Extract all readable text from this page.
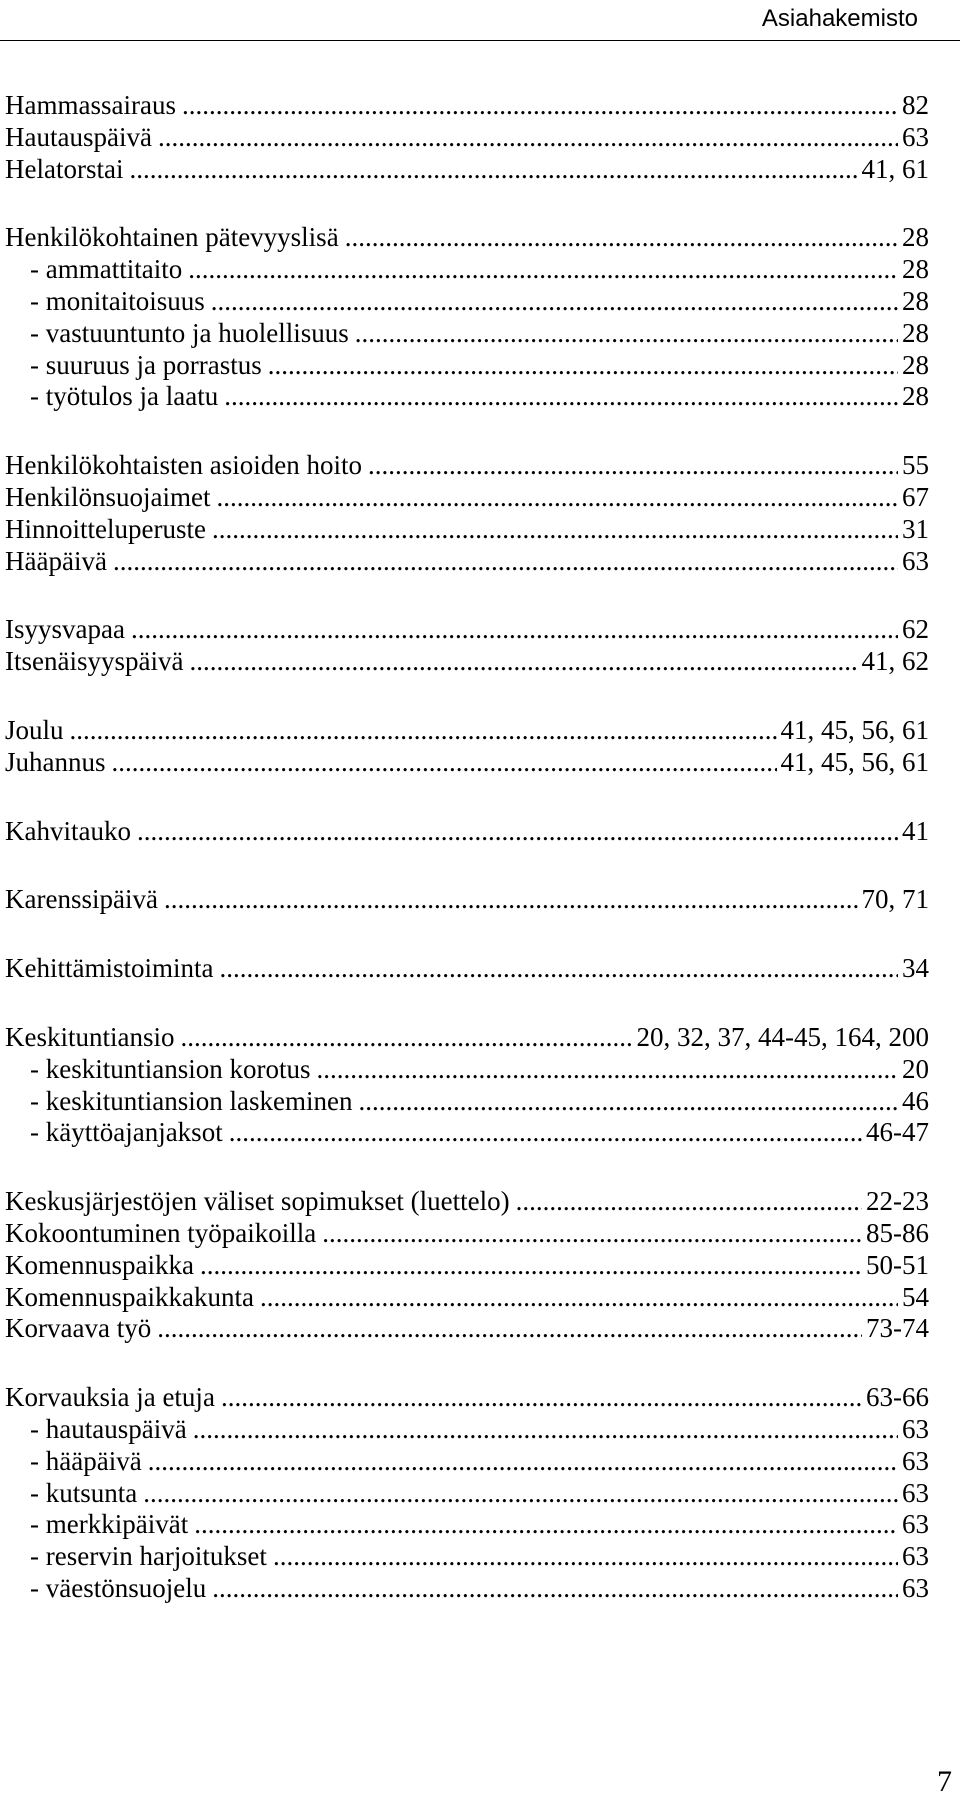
Asiahakemisto
Hammassairaus .....	82
Hautauspäivä .....	63
Helatorstai .....	41, 61
Henkilökohtainen pätevyyslisä .....	28
- ammattitaito .....	28
- monitaitoisuus .....	28
- vastuuntunto ja huolellisuus .....	28
- suuruus ja porrastus .....	28
- työtulos ja laatu .....	28
Henkilökohtaisten asioiden hoito .....	55
Henkilönsuojaimet .....	67
Hinnoitteluperuste .....	31
Hääpäivä .....	63
Isyysvapaa .....	62
Itsenäisyyspäivä .....	41, 62
Joulu .....	41, 45, 56, 61
Juhannus .....	41, 45, 56, 61
Kahvitauko .....	41
Karenssipäivä .....	70, 71
Kehittämistoiminta .....	34
Keskituntiansio .....	20, 32, 37, 44-45, 164, 200
- keskituntiansion korotus .....	20
- keskituntiansion laskeminen .....	46
- käyttöajanjaksot .....	46-47
Keskusjärjestöjen väliset sopimukset (luettelo) .....	22-23
Kokoontuminen työpaikoilla .....	85-86
Komennuspaikka .....	50-51
Komennuspaikkakunta .....	54
Korvaava työ .....	73-74
Korvauksia ja etuja .....	63-66
- hautauspäivä .....	63
- hääpäivä .....	63
- kutsunta .....	63
- merkkipäivät .....	63
- reservin harjoitukset .....	63
- väestönsuojelu .....	63
7
